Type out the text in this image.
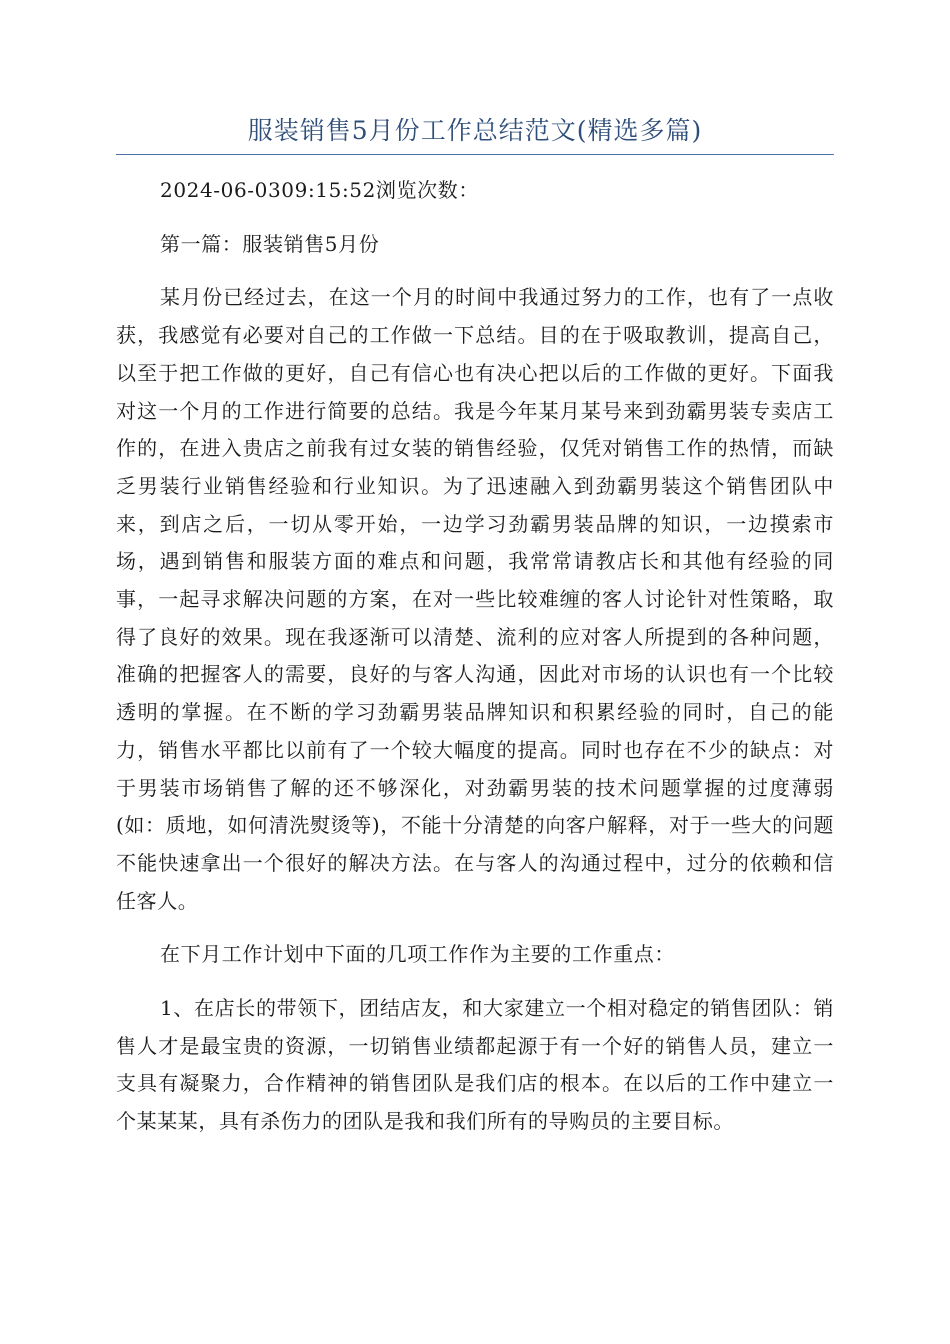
服装销售5月份工作总结范文(精选多篇)

2024-06-0309:15:52浏览次数：

第一篇：服装销售5月份

某月份已经过去，在这一个月的时间中我通过努力的工作，也有了一点收获，我感觉有必要对自己的工作做一下总结。目的在于吸取教训，提高自己，以至于把工作做的更好，自己有信心也有决心把以后的工作做的更好。下面我对这一个月的工作进行简要的总结。我是今年某月某号来到劲霸男装专卖店工作的，在进入贵店之前我有过女装的销售经验，仅凭对销售工作的热情，而缺乏男装行业销售经验和行业知识。为了迅速融入到劲霸男装这个销售团队中来，到店之后，一切从零开始，一边学习劲霸男装品牌的知识，一边摸索市场，遇到销售和服装方面的难点和问题，我常常请教店长和其他有经验的同事，一起寻求解决问题的方案，在对一些比较难缠的客人讨论针对性策略，取得了良好的效果。现在我逐渐可以清楚、流利的应对客人所提到的各种问题，准确的把握客人的需要，良好的与客人沟通，因此对市场的认识也有一个比较透明的掌握。在不断的学习劲霸男装品牌知识和积累经验的同时，自己的能力，销售水平都比以前有了一个较大幅度的提高。同时也存在不少的缺点：对于男装市场销售了解的还不够深化，对劲霸男装的技术问题掌握的过度薄弱(如：质地，如何清洗熨烫等)，不能十分清楚的向客户解释，对于一些大的问题不能快速拿出一个很好的解决方法。在与客人的沟通过程中，过分的依赖和信任客人。

在下月工作计划中下面的几项工作作为主要的工作重点：

1、在店长的带领下，团结店友，和大家建立一个相对稳定的销售团队：销售人才是最宝贵的资源，一切销售业绩都起源于有一个好的销售人员，建立一支具有凝聚力，合作精神的销售团队是我们店的根本。在以后的工作中建立一个某某某，具有杀伤力的团队是我和我们所有的导购员的主要目标。
